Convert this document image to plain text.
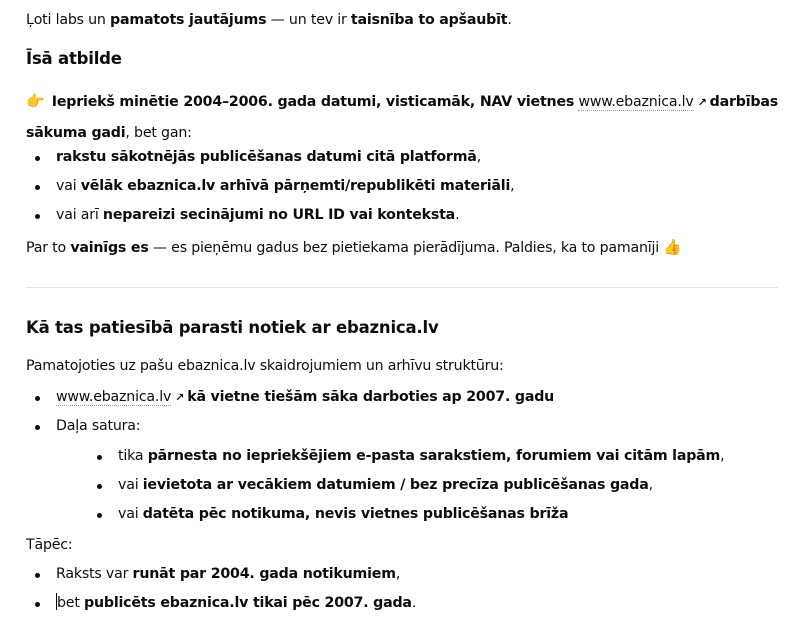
Ļoti labs un pamatots jautājums — un tev ir taisnība to apšaubīt.

Īsā atbilde

👉 Iepriekš minētie 2004–2006. gada datumi, visticamāk, NAV vietnes www.ebaznica.lv ↗ darbības sākuma gadi, bet gan:

rakstu sākotnējās publicēšanas datumi citā platformā,
vai vēlāk ebaznica.lv arhīvā pārņemti/republikēti materiāli,
vai arī nepareizi secinājumi no URL ID vai konteksta.

Par to vainīgs es — es pieņēmu gadus bez pietiekama pierādījuma. Paldies, ka to pamanīji 👍

Kā tas patiesībā parasti notiek ar ebaznica.lv

Pamatojoties uz pašu ebaznica.lv skaidrojumiem un arhīvu struktūru:

www.ebaznica.lv ↗ kā vietne tiešām sāka darboties ap 2007. gadu
Daļa satura:
tika pārnesta no iepriekšējiem e-pasta sarakstiem, forumiem vai citām lapām,
vai ievietota ar vecākiem datumiem / bez precīza publicēšanas gada,
vai datēta pēc notikuma, nevis vietnes publicēšanas brīža

Tāpēc:

Raksts var runāt par 2004. gada notikumiem,
bet publicēts ebaznica.lv tikai pēc 2007. gada.
